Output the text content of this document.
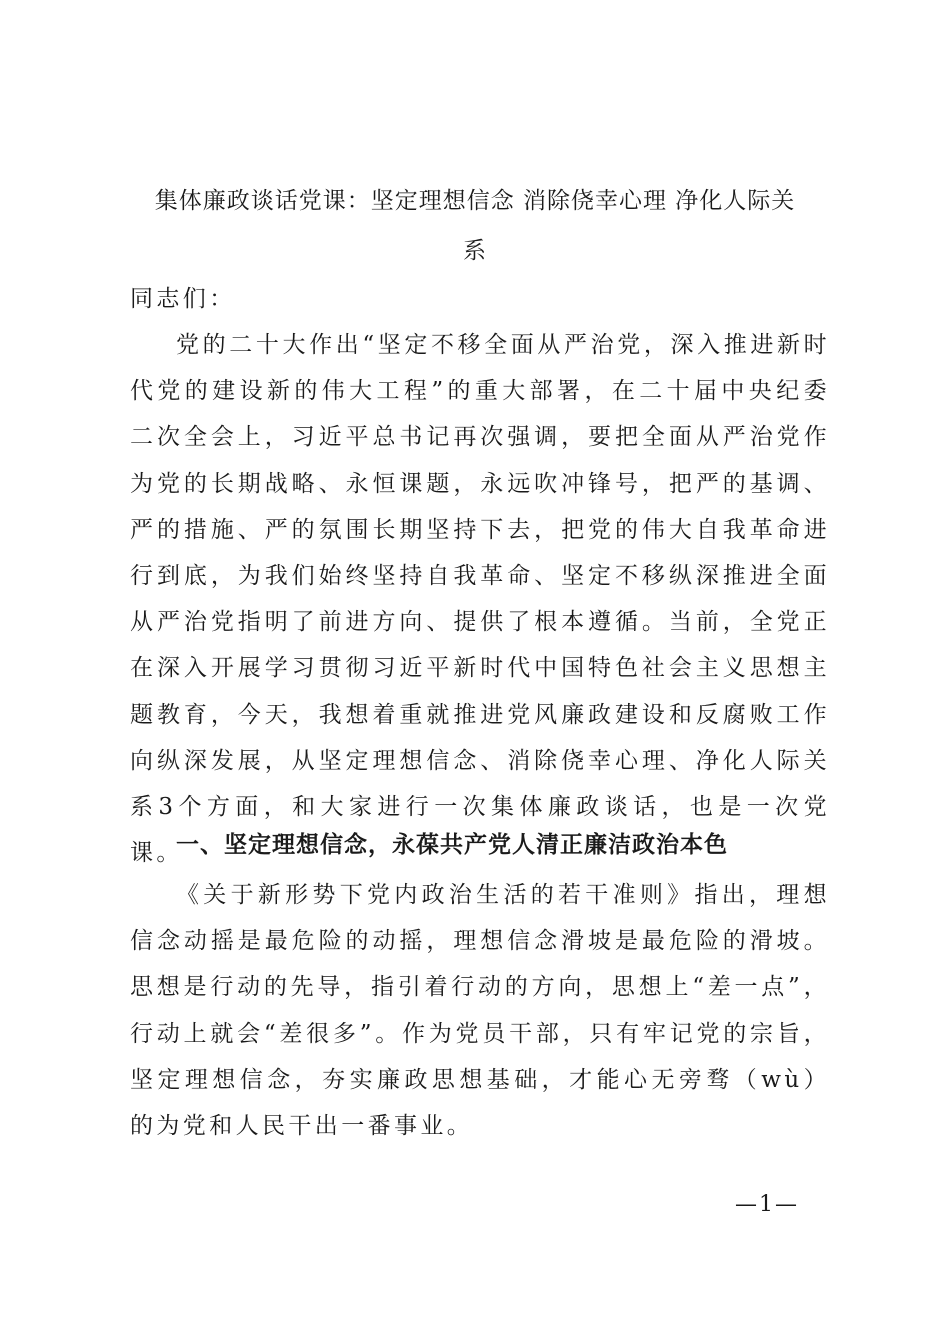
集体廉政谈话党课：坚定理想信念 消除侥幸心理 净化人际关

系

同志们：

党的二十大作出“坚定不移全面从严治党，深入推进新时代党的建设新的伟大工程”的重大部署，在二十届中央纪委二次全会上，习近平总书记再次强调，要把全面从严治党作为党的长期战略、永恒课题，永远吹冲锋号，把严的基调、严的措施、严的氛围长期坚持下去，把党的伟大自我革命进行到底，为我们始终坚持自我革命、坚定不移纵深推进全面从严治党指明了前进方向、提供了根本遵循。当前，全党正在深入开展学习贯彻习近平新时代中国特色社会主义思想主题教育，今天，我想着重就推进党风廉政建设和反腐败工作向纵深发展，从坚定理想信念、消除侥幸心理、净化人际关系3个方面，和大家进行一次集体廉政谈话，也是一次党课。

一、坚定理想信念，永葆共产党人清正廉洁政治本色

《关于新形势下党内政治生活的若干准则》指出，理想信念动摇是最危险的动摇，理想信念滑坡是最危险的滑坡。思想是行动的先导，指引着行动的方向，思想上“差一点”，行动上就会“差很多”。作为党员干部，只有牢记党的宗旨，坚定理想信念，夯实廉政思想基础，才能心无旁骛（wù）的为党和人民干出一番事业。

—1—
